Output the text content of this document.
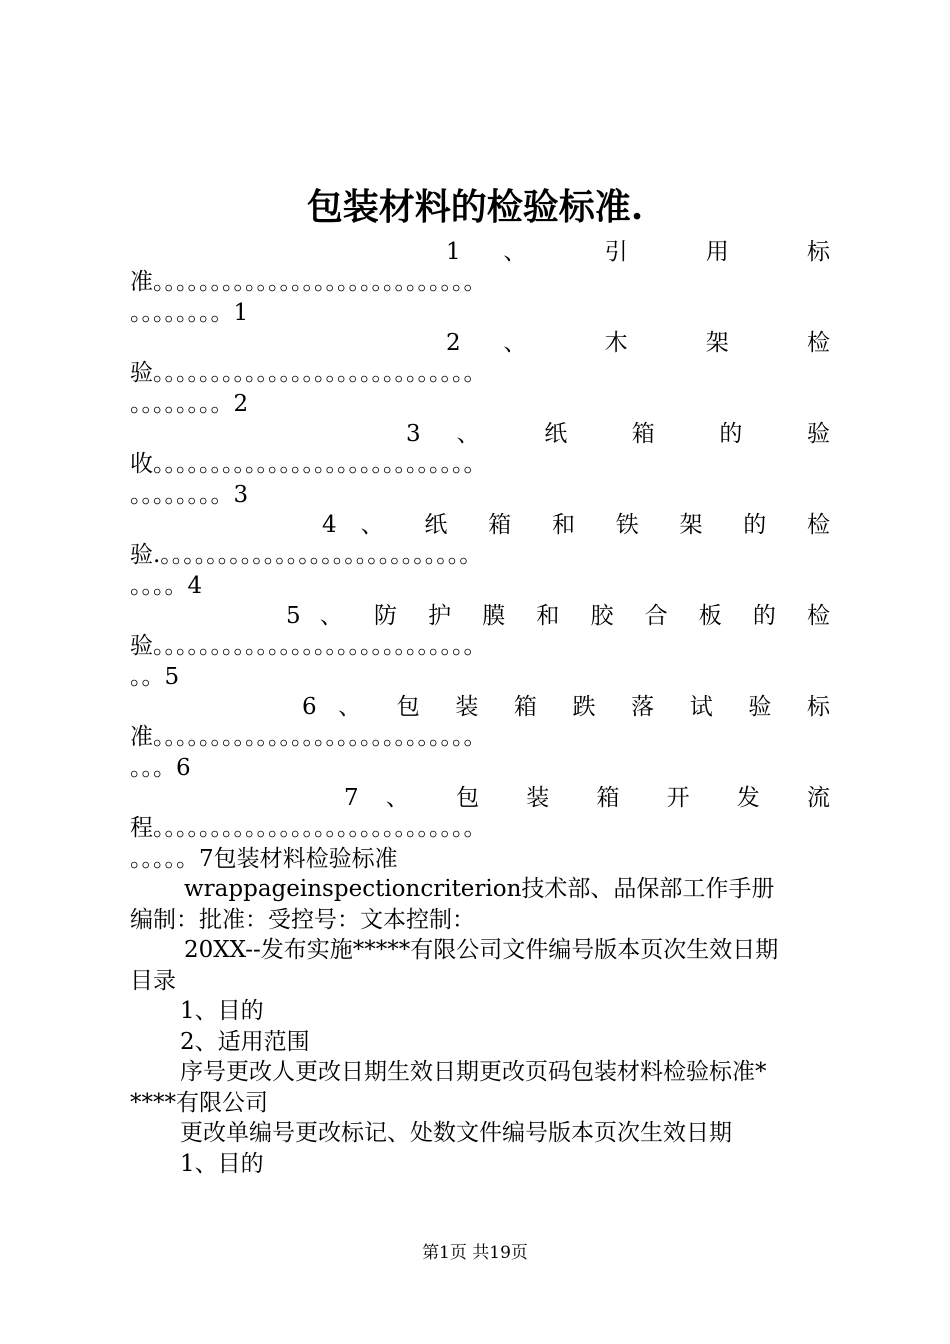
包装材料的检验标准.
1 、 引 用 标
准。。。。。。。。。。。。。。。。。。。。。。。。。。。。
。。。。。。。。1
2 、 木 架 检
验。。。。。。。。。。。。。。。。。。。。。。。。。。。。
。。。。。。。。2
3 、 纸 箱 的 验
收。。。。。。。。。。。。。。。。。。。。。。。。。。。。
。。。。。。。。3
4 、 纸 箱 和 铁 架 的 检
验.。。。。。。。。。。。。。。。。。。。。。。。。。。。
。。。。4
5 、 防 护 膜 和 胶 合 板 的 检
验。。。。。。。。。。。。。。。。。。。。。。。。。。。。
。。5
6 、 包 装 箱 跌 落 试 验 标
准。。。。。。。。。。。。。。。。。。。。。。。。。。。。
。。。6
7 、 包 装 箱 开 发 流
程。。。。。。。。。。。。。。。。。。。。。。。。。。。。
。。。。。7包装材料检验标准
wrappageinspectioncriterion技术部、品保部工作手册
编制：批准：受控号：文本控制：
20XX--发布实施*****有限公司文件编号版本页次生效日期
目录
1、目的
2、适用范围
序号更改人更改日期生效日期更改页码包装材料检验标准*
****有限公司
更改单编号更改标记、处数文件编号版本页次生效日期
1、目的
第1页 共19页
